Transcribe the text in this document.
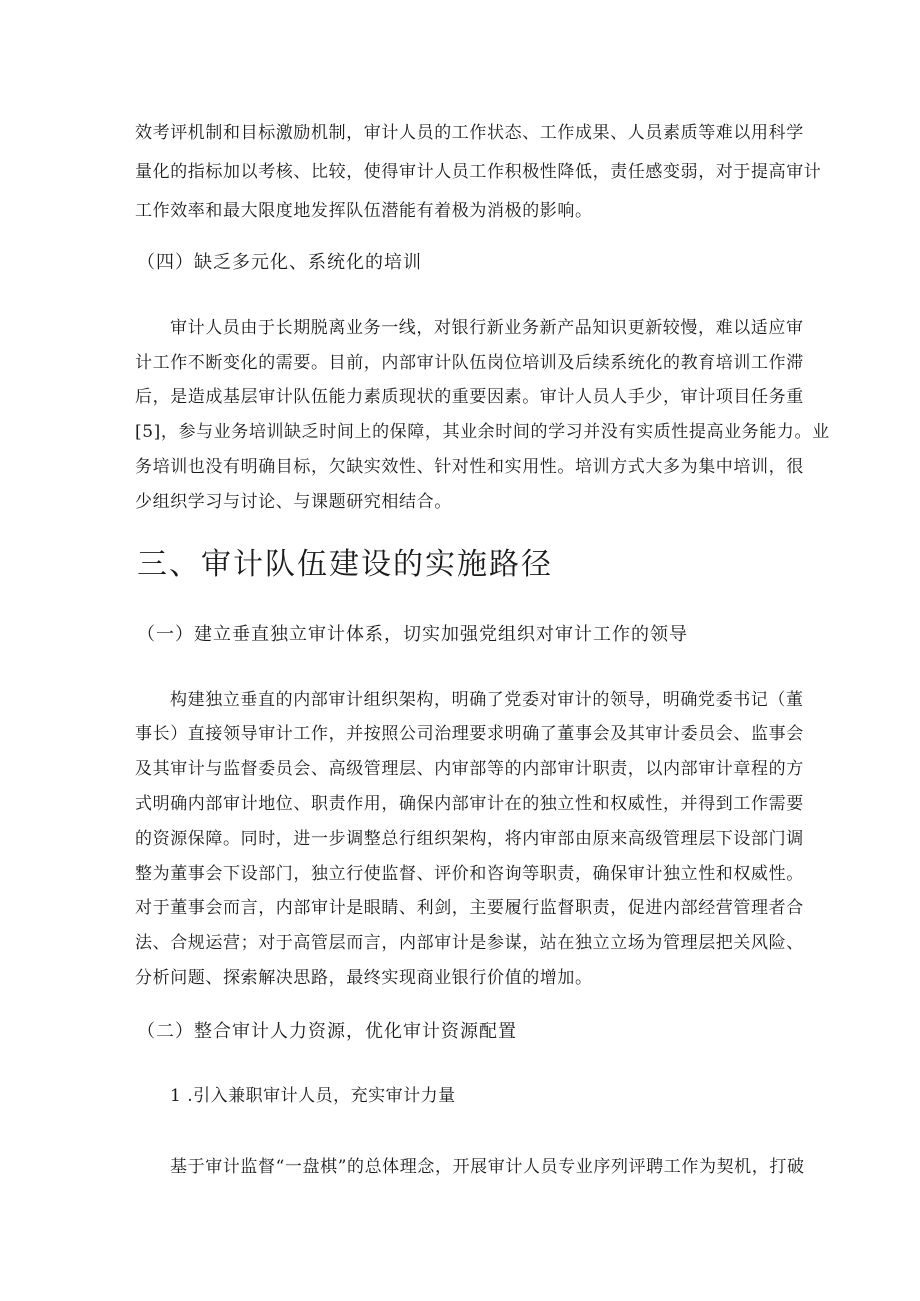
效考评机制和目标激励机制，审计人员的工作状态、工作成果、人员素质等难以用科学
量化的指标加以考核、比较，使得审计人员工作积极性降低，责任感变弱，对于提高审计
工作效率和最大限度地发挥队伍潜能有着极为消极的影响。
（四）缺乏多元化、系统化的培训
审计人员由于长期脱离业务一线，对银行新业务新产品知识更新较慢，难以适应审
计工作不断变化的需要。目前，内部审计队伍岗位培训及后续系统化的教育培训工作滞
后，是造成基层审计队伍能力素质现状的重要因素。审计人员人手少，审计项目任务重
[5]，参与业务培训缺乏时间上的保障，其业余时间的学习并没有实质性提高业务能力。业
务培训也没有明确目标，欠缺实效性、针对性和实用性。培训方式大多为集中培训，很
少组织学习与讨论、与课题研究相结合。
三、审计队伍建设的实施路径
（一）建立垂直独立审计体系，切实加强党组织对审计工作的领导
构建独立垂直的内部审计组织架构，明确了党委对审计的领导，明确党委书记（董
事长）直接领导审计工作，并按照公司治理要求明确了董事会及其审计委员会、监事会
及其审计与监督委员会、高级管理层、内审部等的内部审计职责，以内部审计章程的方
式明确内部审计地位、职责作用，确保内部审计在的独立性和权威性，并得到工作需要
的资源保障。同时，进一步调整总行组织架构，将内审部由原来高级管理层下设部门调
整为董事会下设部门，独立行使监督、评价和咨询等职责，确保审计独立性和权威性。
对于董事会而言，内部审计是眼睛、利剑，主要履行监督职责，促进内部经营管理者合
法、合规运营；对于高管层而言，内部审计是参谋，站在独立立场为管理层把关风险、
分析问题、探索解决思路，最终实现商业银行价值的增加。
（二）整合审计人力资源，优化审计资源配置
1 .引入兼职审计人员，充实审计力量
基于审计监督“一盘棋”的总体理念，开展审计人员专业序列评聘工作为契机，打破
